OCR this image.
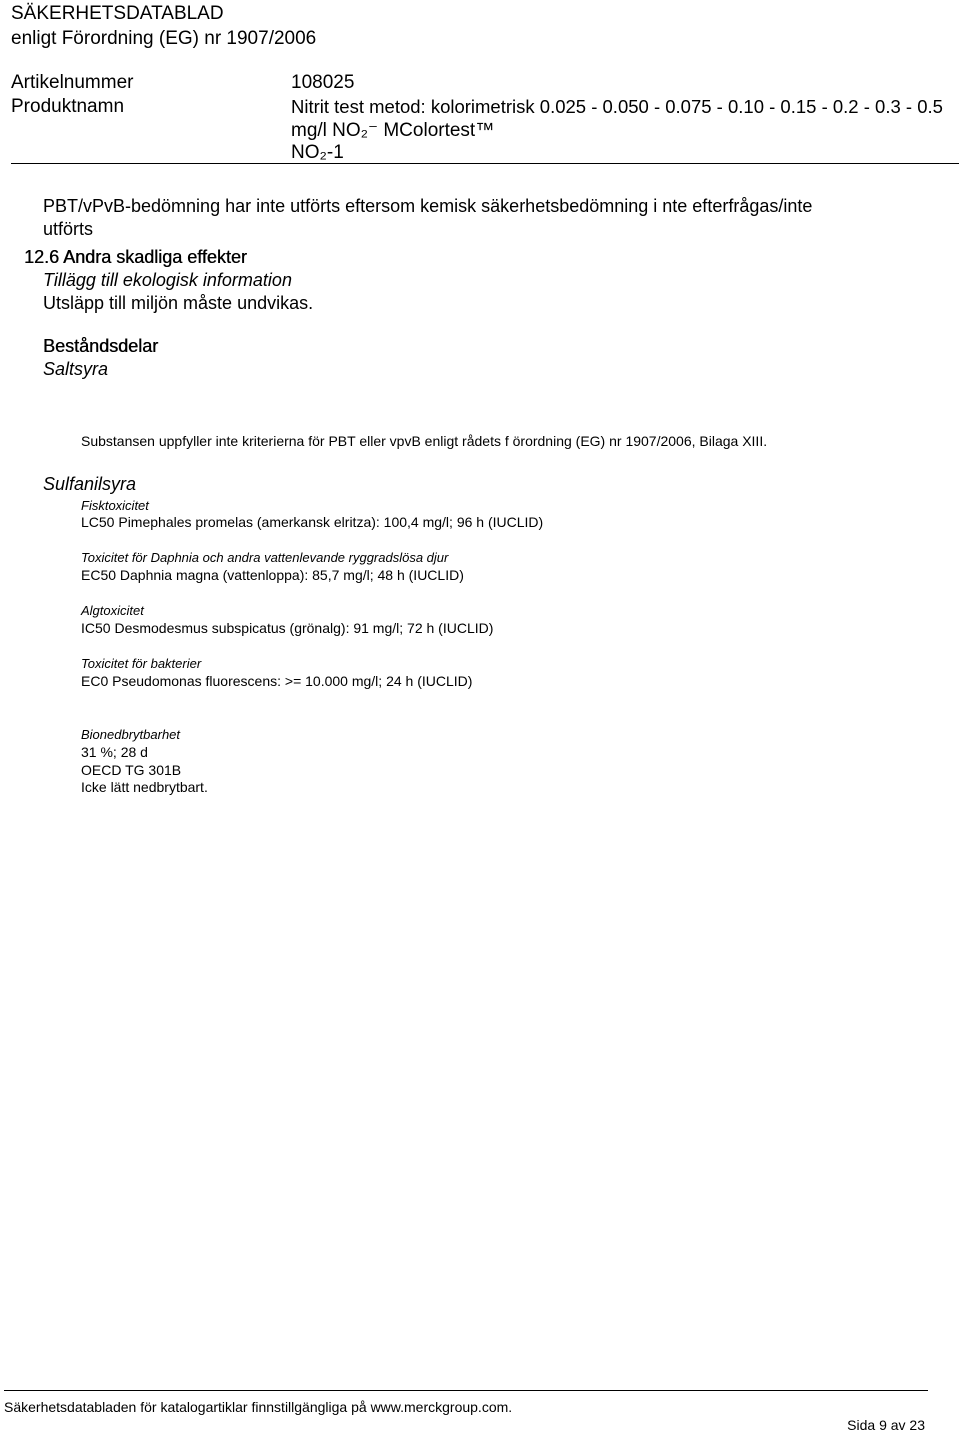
SÄKERHETSDATABLAD
enligt Förordning (EG) nr 1907/2006
Artikelnummer	108025
Produktnamn	Nitrit test metod: kolorimetrisk 0.025 - 0.050 - 0.075 - 0.10 - 0.15 - 0.2 - 0.3 - 0.5
mg/l NO₂⁻ MColortest™
NO₂-1
PBT/vPvB-bedömning har inte utförts eftersom kemisk säkerhetsbedömning i nte efterfrågas/inte
utförts
12.6 Andra skadliga effekter
Tillägg till ekologisk information
Utsläpp till miljön måste undvikas.
Beståndsdelar
Saltsyra
Substansen uppfyller inte kriterierna för PBT eller vpvB enligt rådets f örordning (EG) nr 1907/2006, Bilaga XIII.
Sulfanilsyra
Fisktoxicitet
LC50 Pimephales promelas (amerkansk elritza): 100,4 mg/l; 96 h (IUCLID)
Toxicitet för Daphnia och andra vattenlevande ryggradslösa djur
EC50 Daphnia magna (vattenloppa): 85,7 mg/l; 48 h (IUCLID)
Algtoxicitet
IC50 Desmodesmus subspicatus (grönalg): 91 mg/l; 72 h (IUCLID)
Toxicitet för bakterier
EC0 Pseudomonas fluorescens: >= 10.000 mg/l; 24 h (IUCLID)
Bionedbrytbarhet
31 %; 28 d
OECD TG 301B
Icke lätt nedbrytbart.
Säkerhetsdatabladen för katalogartiklar finnstillgängliga på www.merckgroup.com.
Sida 9 av 23
